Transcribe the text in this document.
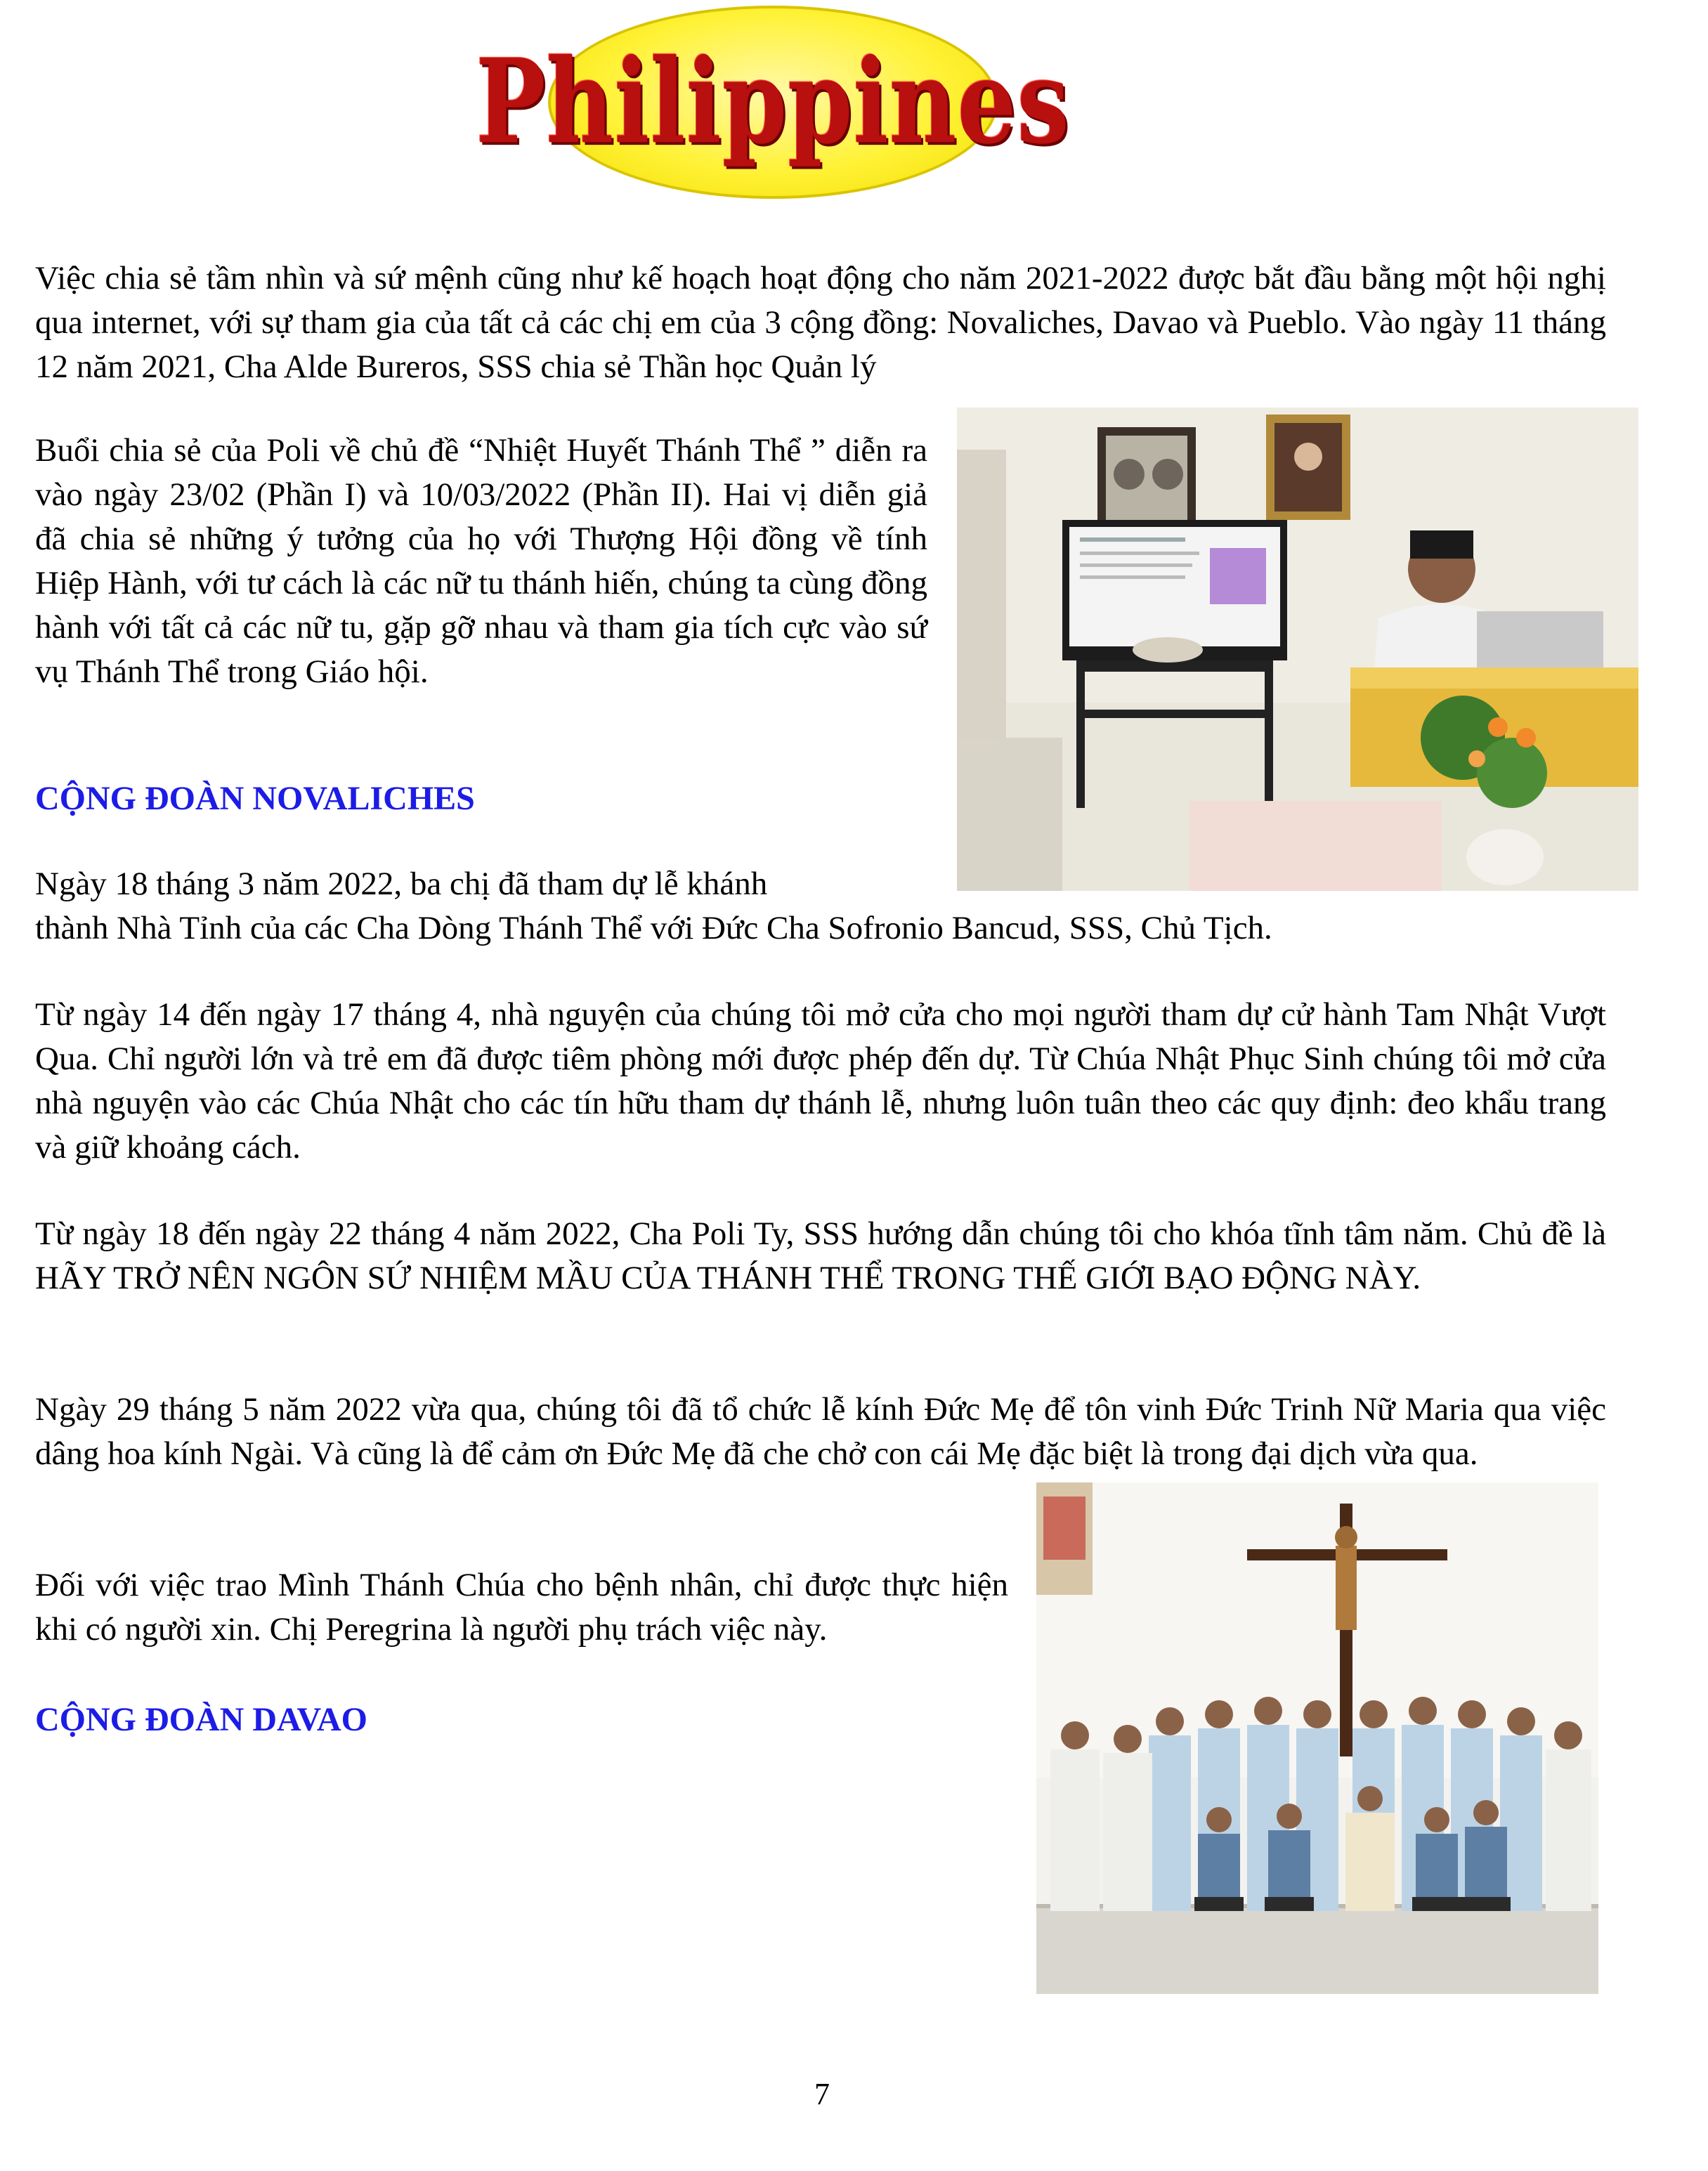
Philippines

Việc chia sẻ tầm nhìn và sứ mệnh cũng như kế hoạch hoạt động cho năm 2021-2022 được bắt đầu bằng một hội nghị qua internet, với sự tham gia của tất cả các chị em của 3 cộng đồng: Novaliches, Davao và Pueblo. Vào ngày 11 tháng 12 năm 2021, Cha Alde Bureros, SSS chia sẻ Thần học Quản lý

Buổi chia sẻ của Poli về chủ đề “Nhiệt Huyết Thánh Thể ” diễn ra vào ngày 23/02 (Phần I) và 10/03/2022 (Phần II). Hai vị diễn giả đã chia sẻ những ý tưởng của họ với Thượng Hội đồng về tính Hiệp Hành, với tư cách là các nữ tu thánh hiến, chúng ta cùng đồng hành với tất cả các nữ tu, gặp gỡ nhau và tham gia tích cực vào sứ vụ Thánh Thể trong Giáo hội.

CỘNG ĐOÀN NOVALICHES
Ngày 18 tháng 3 năm 2022, ba chị đã tham dự lễ khánh
thành Nhà Tỉnh của các Cha Dòng Thánh Thể với Đức Cha Sofronio Bancud, SSS, Chủ Tịch.

Từ ngày 14 đến ngày 17 tháng 4, nhà nguyện của chúng tôi mở cửa cho mọi người tham dự cử hành Tam Nhật Vượt Qua. Chỉ người lớn và trẻ em đã được tiêm phòng mới được phép đến dự. Từ Chúa Nhật Phục Sinh chúng tôi mở cửa nhà nguyện vào các Chúa Nhật cho các tín hữu tham dự thánh lễ, nhưng luôn tuân theo các quy định: đeo khẩu trang và giữ khoảng cách.

Từ ngày 18 đến ngày 22 tháng 4 năm 2022, Cha Poli Ty, SSS hướng dẫn chúng tôi cho khóa tĩnh tâm năm. Chủ đề là HÃY TRỞ NÊN NGÔN SỨ NHIỆM MẦU CỦA THÁNH THỂ TRONG THẾ GIỚI BẠO ĐỘNG NÀY.

Ngày 29 tháng 5 năm 2022 vừa qua, chúng tôi đã tổ chức lễ kính Đức Mẹ để tôn vinh Đức Trinh Nữ Maria qua việc dâng hoa kính Ngài. Và cũng là để cảm ơn Đức Mẹ đã che chở con cái Mẹ đặc biệt là trong đại dịch vừa qua.

Đối với việc trao Mình Thánh Chúa cho bệnh nhân, chỉ được thực hiện khi có người xin. Chị Peregrina là người phụ trách việc này.

CỘNG ĐOÀN DAVAO
7
